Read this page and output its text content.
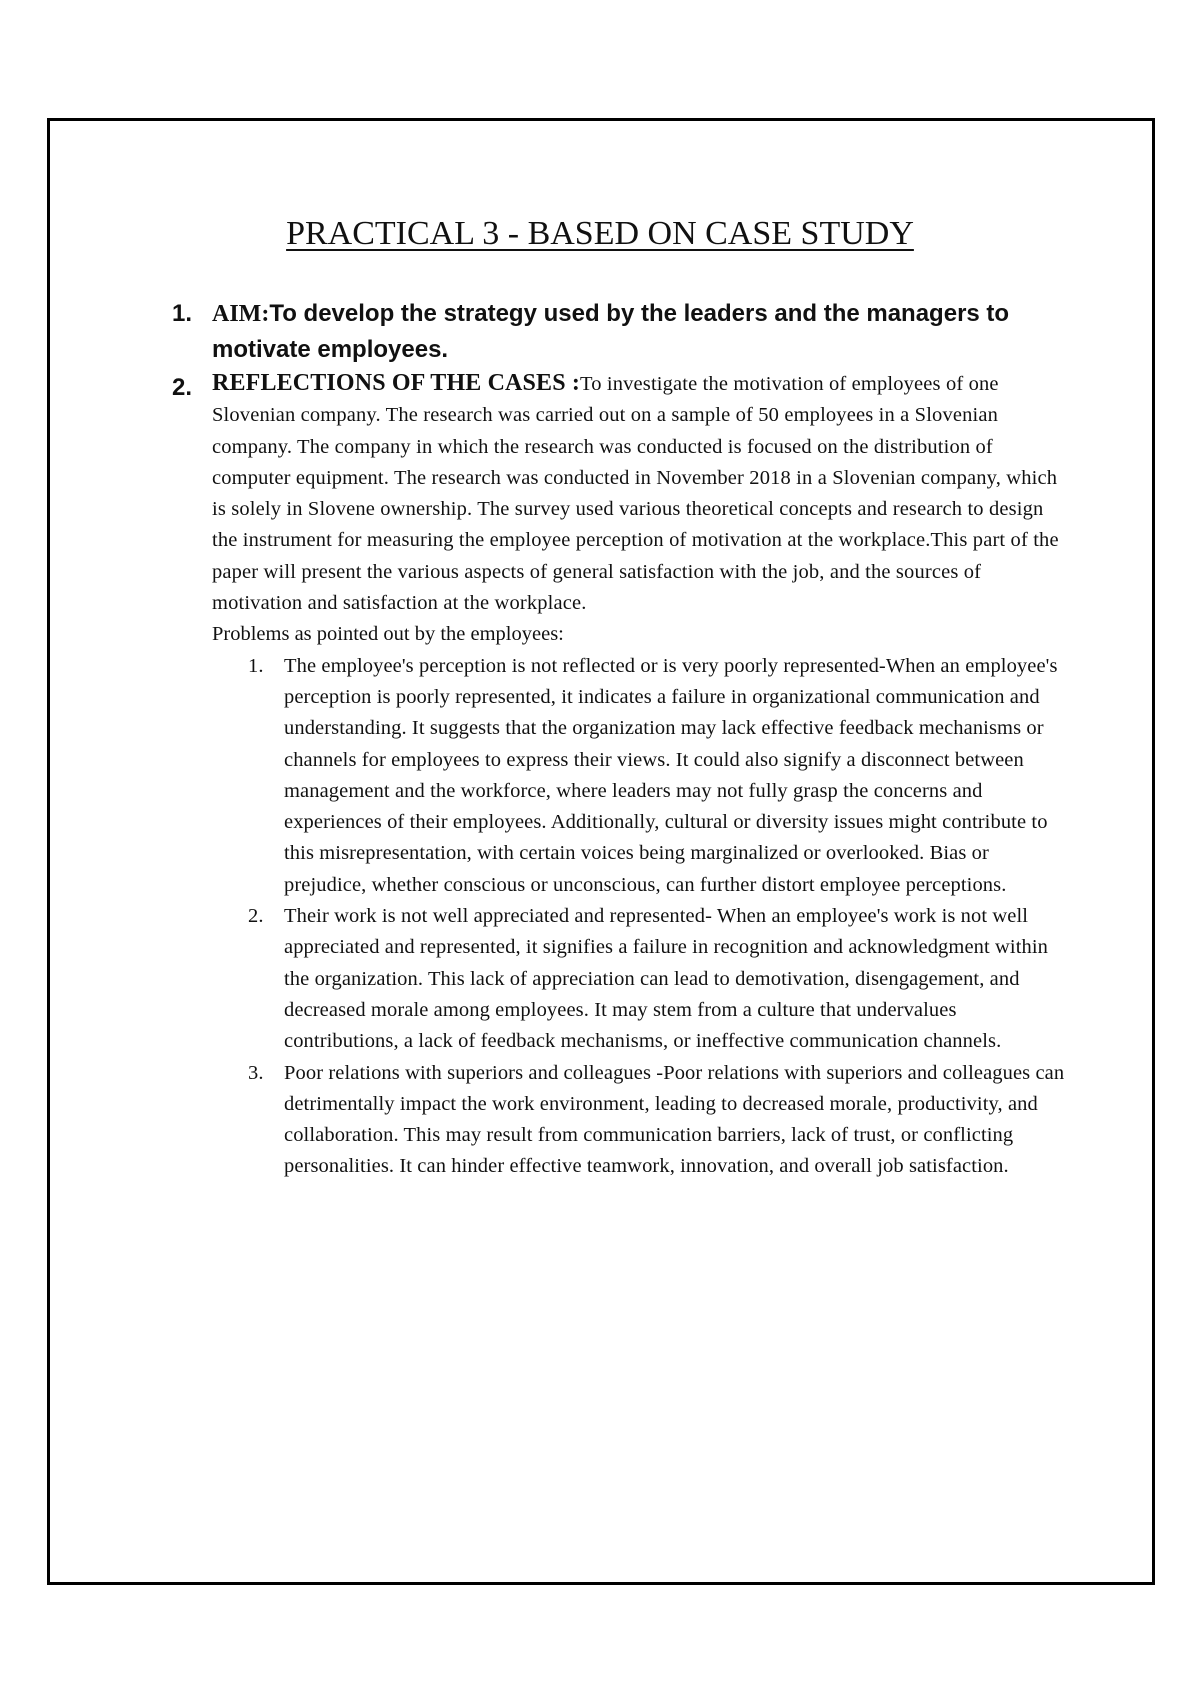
PRACTICAL 3 - BASED ON CASE STUDY
1. AIM:To develop the strategy used by the leaders and the managers to motivate employees.
2. REFLECTIONS OF THE CASES :To investigate the motivation of employees of one Slovenian company. The research was carried out on a sample of 50 employees in a Slovenian company. The company in which the research was conducted is focused on the distribution of computer equipment. The research was conducted in November 2018 in a Slovenian company, which is solely in Slovene ownership. The survey used various theoretical concepts and research to design the instrument for measuring the employee perception of motivation at the workplace.This part of the paper will present the various aspects of general satisfaction with the job, and the sources of motivation and satisfaction at the workplace.

Problems as pointed out by the employees:

1. The employee's perception is not reflected or is very poorly represented-When an employee's perception is poorly represented, it indicates a failure in organizational communication and understanding. It suggests that the organization may lack effective feedback mechanisms or channels for employees to express their views. It could also signify a disconnect between management and the workforce, where leaders may not fully grasp the concerns and experiences of their employees. Additionally, cultural or diversity issues might contribute to this misrepresentation, with certain voices being marginalized or overlooked. Bias or prejudice, whether conscious or unconscious, can further distort employee perceptions.
2. Their work is not well appreciated and represented- When an employee's work is not well appreciated and represented, it signifies a failure in recognition and acknowledgment within the organization. This lack of appreciation can lead to demotivation, disengagement, and decreased morale among employees. It may stem from a culture that undervalues contributions, a lack of feedback mechanisms, or ineffective communication channels.
3. Poor relations with superiors and colleagues -Poor relations with superiors and colleagues can detrimentally impact the work environment, leading to decreased morale, productivity, and collaboration. This may result from communication barriers, lack of trust, or conflicting personalities. It can hinder effective teamwork, innovation, and overall job satisfaction.
